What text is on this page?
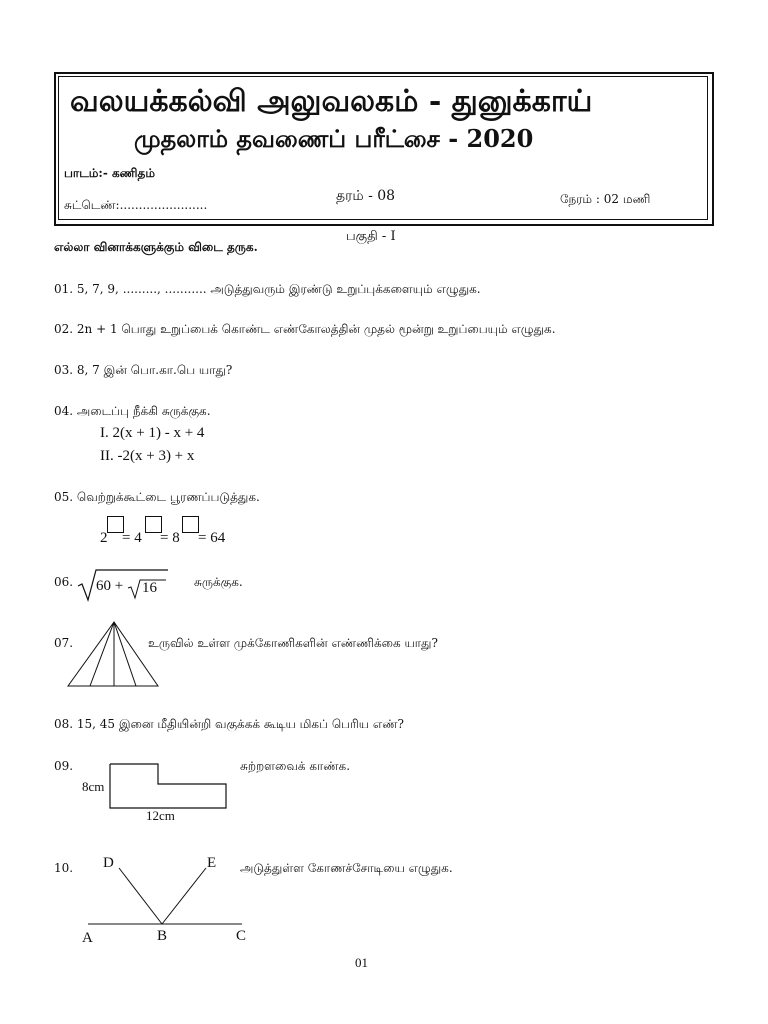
வலயக்கல்வி அலுவலகம் - துனுக்காய்
முதலாம் தவணைப் பரீட்சை - 2020
பாடம்:- கணிதம்
தரம் - 08
சுட்டெண்:.......................	நேரம் : 02 மணி
பகுதி - I
எல்லா வினாக்களுக்கும் விடை தருக.
01. 5, 7, 9, ........., ........... அடுத்துவரும் இரண்டு உறுப்புக்களையும் எழுதுக.
02. 2n + 1 பொது உறுப்பைக் கொண்ட எண்கோலத்தின் முதல் மூன்று உறுப்பையும் எழுதுக.
03. 8, 7 இன் பொ.கா.பெ யாது?
04. அடைப்பு நீக்கி சுருக்குக.
I. 2(x + 1) - x + 4
II. -2(x + 3) + x
05. வெற்றுக்கூட்டை பூரணப்படுத்துக.
2 = 4 = 8 = 64
06. 60 + 16	சுருக்குக.
07.	உருவில் உள்ள முக்கோணிகளின் எண்ணிக்கை யாது?
08. 15, 45 இனை மீதியின்றி வகுக்கக் கூடிய மிகப் பெரிய எண்?
09.
8cm
12cm
சுற்றளவைக் காண்க.
10. D	E
A	B	C
அடுத்துள்ள கோணச்சோடியை எழுதுக.
01
